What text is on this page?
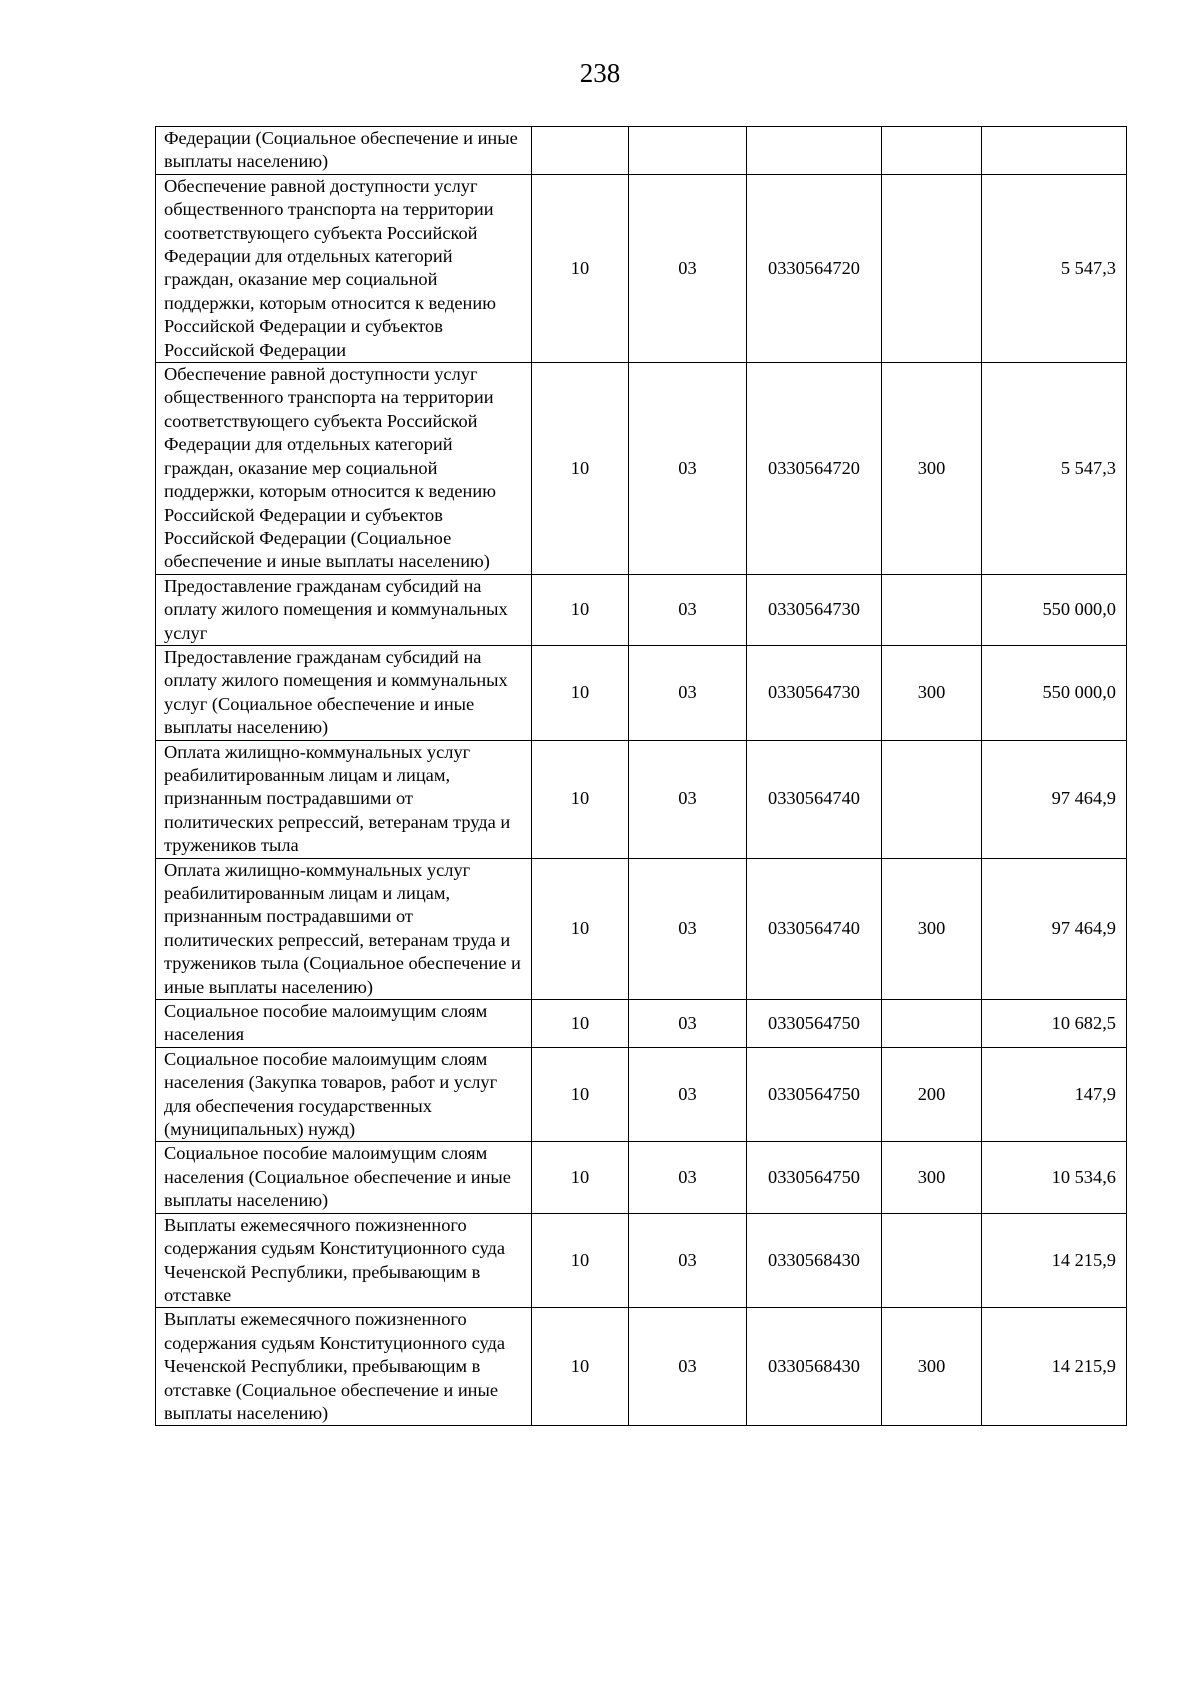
238
Федерации (Социальное обеспечение и иные выплаты населению)					
Обеспечение равной доступности услуг общественного транспорта на территории соответствующего субъекта Российской Федерации для отдельных категорий граждан, оказание мер социальной поддержки, которым относится к ведению Российской Федерации и субъектов Российской Федерации	10	03	0330564720		5 547,3
Обеспечение равной доступности услуг общественного транспорта на территории соответствующего субъекта Российской Федерации для отдельных категорий граждан, оказание мер социальной поддержки, которым относится к ведению Российской Федерации и субъектов Российской Федерации (Социальное обеспечение и иные выплаты населению)	10	03	0330564720	300	5 547,3
Предоставление гражданам субсидий на оплату жилого помещения и коммунальных услуг	10	03	0330564730		550 000,0
Предоставление гражданам субсидий на оплату жилого помещения и коммунальных услуг (Социальное обеспечение и иные выплаты населению)	10	03	0330564730	300	550 000,0
Оплата жилищно-коммунальных услуг реабилитированным лицам и лицам, признанным пострадавшими от политических репрессий, ветеранам труда и тружеников тыла	10	03	0330564740		97 464,9
Оплата жилищно-коммунальных услуг реабилитированным лицам и лицам, признанным пострадавшими от политических репрессий, ветеранам труда и тружеников тыла (Социальное обеспечение и иные выплаты населению)	10	03	0330564740	300	97 464,9
Социальное пособие малоимущим слоям населения	10	03	0330564750		10 682,5
Социальное пособие малоимущим слоям населения (Закупка товаров, работ и услуг для обеспечения государственных (муниципальных) нужд)	10	03	0330564750	200	147,9
Социальное пособие малоимущим слоям населения (Социальное обеспечение и иные выплаты населению)	10	03	0330564750	300	10 534,6
Выплаты ежемесячного пожизненного содержания судьям Конституционного суда Чеченской Республики, пребывающим в отставке	10	03	0330568430		14 215,9
Выплаты ежемесячного пожизненного содержания судьям Конституционного суда Чеченской Республики, пребывающим в отставке (Социальное обеспечение и иные выплаты населению)	10	03	0330568430	300	14 215,9
